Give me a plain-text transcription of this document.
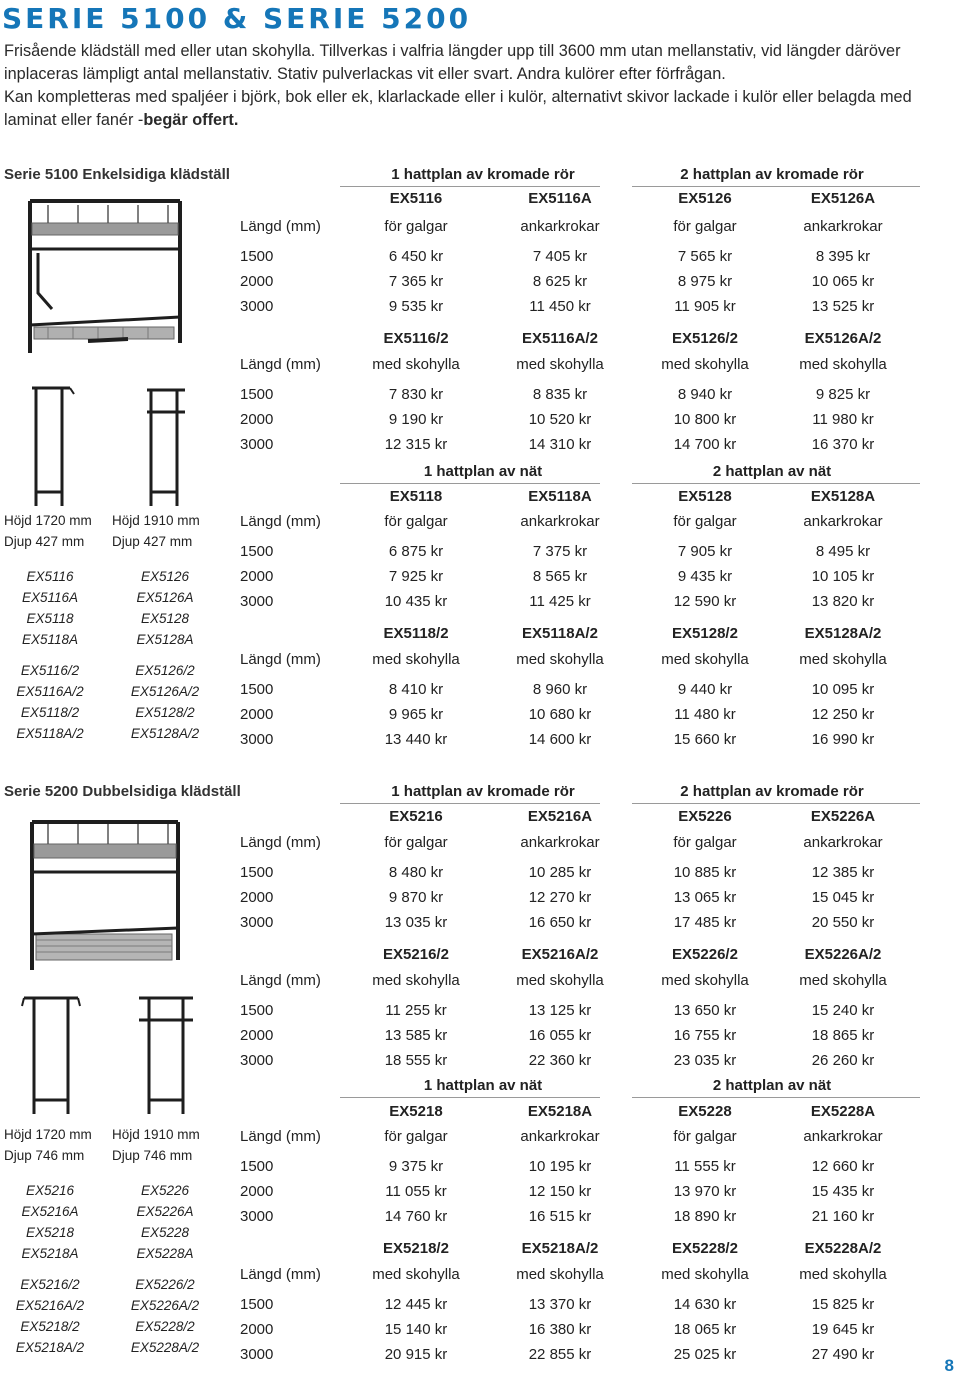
SERIE 5100 & SERIE 5200

Frisående klädställ med eller utan skohylla. Tillverkas i valfria längder upp till 3600 mm utan mellanstativ, vid längder däröver inplaceras lämpligt antal mellanstativ. Stativ pulverlackas vit eller svart. Andra kulörer efter förfrågan.

Kan kompletteras med spaljéer i björk, bok eller ek, klarlackade eller i kulör, alternativt skivor lackade i kulör eller belagda med laminat eller fanér -begär offert.

Serie 5100 Enkelsidiga klädställ	1 hattplan av kromade rör	2 hattplan av kromade rör
EX5116	EX5116A	EX5126	EX5126A
Längd (mm)	för galgar	ankarkrokar	för galgar	ankarkrokar
1500	6 450 kr	7 405 kr	7 565 kr	8 395 kr
2000	7 365 kr	8 625 kr	8 975 kr	10 065 kr
3000	9 535 kr	11 450 kr	11 905 kr	13 525 kr
EX5116/2	EX5116A/2	EX5126/2	EX5126A/2
Längd (mm)	med skohylla	med skohylla	med skohylla	med skohylla
1500	7 830 kr	8 835 kr	8 940 kr	9 825 kr
2000	9 190 kr	10 520 kr	10 800 kr	11 980 kr
3000	12 315 kr	14 310 kr	14 700 kr	16 370 kr
1 hattplan av nät	2 hattplan av nät
EX5118	EX5118A	EX5128	EX5128A
Längd (mm)	för galgar	ankarkrokar	för galgar	ankarkrokar
1500	6 875 kr	7 375 kr	7 905 kr	8 495 kr
2000	7 925 kr	8 565 kr	9 435 kr	10 105 kr
3000	10 435 kr	11 425 kr	12 590 kr	13 820 kr
EX5118/2	EX5118A/2	EX5128/2	EX5128A/2
Längd (mm)	med skohylla	med skohylla	med skohylla	med skohylla
1500	8 410 kr	8 960 kr	9 440 kr	10 095 kr
2000	9 965 kr	10 680 kr	11 480 kr	12 250 kr
3000	13 440 kr	14 600 kr	15 660 kr	16 990 kr
Höjd 1720 mm
Djup 427 mm
Höjd 1910 mm
Djup 427 mm
EX5116
EX5116A
EX5118
EX5118A
EX5116/2
EX5116A/2
EX5118/2
EX5118A/2
EX5126
EX5126A
EX5128
EX5128A
EX5126/2
EX5126A/2
EX5128/2
EX5128A/2
Serie 5200 Dubbelsidiga klädställ	1 hattplan av kromade rör	2 hattplan av kromade rör
EX5216	EX5216A	EX5226	EX5226A
Längd (mm)	för galgar	ankarkrokar	för galgar	ankarkrokar
1500	8 480 kr	10 285 kr	10 885 kr	12 385 kr
2000	9 870 kr	12 270 kr	13 065 kr	15 045 kr
3000	13 035 kr	16 650 kr	17 485 kr	20 550 kr
EX5216/2	EX5216A/2	EX5226/2	EX5226A/2
Längd (mm)	med skohylla	med skohylla	med skohylla	med skohylla
1500	11 255 kr	13 125 kr	13 650 kr	15 240 kr
2000	13 585 kr	16 055 kr	16 755 kr	18 865 kr
3000	18 555 kr	22 360 kr	23 035 kr	26 260 kr
1 hattplan av nät	2 hattplan av nät
EX5218	EX5218A	EX5228	EX5228A
Längd (mm)	för galgar	ankarkrokar	för galgar	ankarkrokar
1500	9 375 kr	10 195 kr	11 555 kr	12 660 kr
2000	11 055 kr	12 150 kr	13 970 kr	15 435 kr
3000	14 760 kr	16 515 kr	18 890 kr	21 160 kr
EX5218/2	EX5218A/2	EX5228/2	EX5228A/2
Längd (mm)	med skohylla	med skohylla	med skohylla	med skohylla
1500	12 445 kr	13 370 kr	14 630 kr	15 825 kr
2000	15 140 kr	16 380 kr	18 065 kr	19 645 kr
3000	20 915 kr	22 855 kr	25 025 kr	27 490 kr
Höjd 1720 mm
Djup 746 mm
Höjd 1910 mm
Djup 746 mm
EX5216
EX5216A
EX5218
EX5218A
EX5216/2
EX5216A/2
EX5218/2
EX5218A/2
EX5226
EX5226A
EX5228
EX5228A
EX5226/2
EX5226A/2
EX5228/2
EX5228A/2
8
